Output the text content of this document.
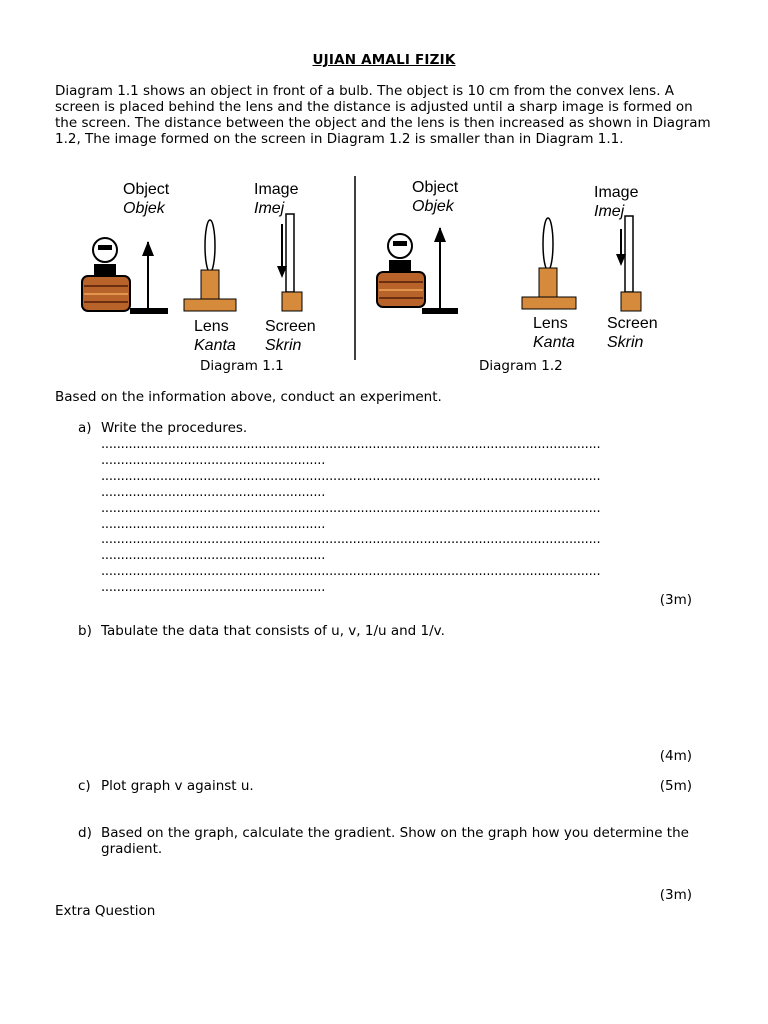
UJIAN AMALI FIZIK
Diagram 1.1 shows an object in front of a bulb. The object is 10 cm from the convex lens. A screen is placed behind the lens and the distance is adjusted until a sharp image is formed on the screen. The distance between the object and the lens is then increased as shown in Diagram 1.2, The image formed on the screen in Diagram 1.2 is smaller than in Diagram 1.1.
Object
Objek
Image
Imej
Lens
Kanta
Screen
Skrin
Diagram 1.1
Object
Objek
Image
Imej
Lens
Kanta
Screen
Skrin
Diagram 1.2
Based on the information above, conduct an experiment.
a) Write the procedures.
...............................................................................................................................
.........................................................
...............................................................................................................................
.........................................................
...............................................................................................................................
.........................................................
...............................................................................................................................
.........................................................
...............................................................................................................................
.........................................................
(3m)
b) Tabulate the data that consists of u, v, 1/u and 1/v.
(4m)
c) Plot graph v against u.	(5m)
d) Based on the graph, calculate the gradient. Show on the graph how you determine the gradient.
(3m)
Extra Question
